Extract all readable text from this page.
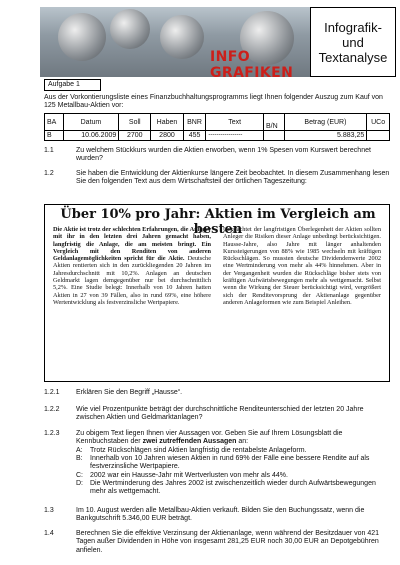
INFO GRAFIKEN
Infografik-
und
Textanalyse
Aufgabe 1
Aus der Vorkontierungsliste eines Finanzbuchhaltungsprogramms liegt Ihnen folgender Auszug zum Kauf von 125 Metallbau-Aktien vor:
BA	Datum	Soll	Haben	BNR	Text		Betrag (EUR)	UCo
						B/N		
B	10.06.2009	2700	2800	455	-----------------		5.883,25	
1.1	Zu welchem Stückkurs wurden die Aktien erworben, wenn 1% Spesen vom Kurswert berechnet wurden?
1.2	Sie haben die Entwicklung der Aktienkurse längere Zeit beobachtet. In diesem Zusammenhang lesen Sie den folgenden Text aus dem Wirtschaftsteil der örtlichen Tageszeitung:
Über 10% pro Jahr: Aktien im Vergleich am besten
Die Aktie ist trotz der schlechten Erfahrungen, die Anleger mit ihr in den letzten drei Jahren gemacht haben, langfristig die Anlage, die am meisten bringt. Ein Vergleich mit den Renditen von anderen Geldanlagemöglichkeiten spricht für die Aktie. Deutsche Aktien rentierten sich in den zurückliegenden 20 Jahren im Jahresdurchschnitt mit 10,2%. Anlagen an deutschen Geldmarkt lagen demgegenüber nur bei durchschnittlich 5,2%. Eine Studie belegt: Innerhalb von 10 Jahren hatten Aktien in 27 von 39 Fällen, also in rund 69%, eine höhere Wertentwicklung als festverzinsliche Wertpapiere.
Ungeachtet der langfristigen Überlegenheit der Aktien sollten Anleger die Risiken dieser Anlage unbedingt berücksichtigen. Hausse-Jahre, also Jahre mit länger anhaltenden Kurssteigerungen von 88% wie 1985 wechseln mit kräftigen Rückschlägen. So mussten deutsche Dividendenwerte 2002 eine Wertminderung von mehr als 44% hinnehmen. Aber in der Vergangenheit wurden die Rückschläge bisher stets von kräftigen Aufwärtsbewegungen mehr als wettgemacht. Selbst wenn die Wirkung der Steuer berücksichtigt wird, vergrößert sich der Renditevorsprung der Aktienanlage gegenüber anderen Anlageformen wie zum Beispiel Anleihen.
1.2.1 Erklären Sie den Begriff „Hausse“.
1.2.2 Wie viel Prozentpunkte beträgt der durchschnittliche Renditeunterschied der letzten 20 Jahre zwischen Aktien und Geldmarktanlagen?
1.2.3 Zu obigem Text liegen Ihnen vier Aussagen vor. Geben Sie auf Ihrem Lösungsblatt die Kennbuchstaben der zwei zutreffenden Aussagen an:
A:	Trotz Rückschlägen sind Aktien langfristig die rentabelste Anlageform.
B:	Innerhalb von 10 Jahren wiesen Aktien in rund 69% der Fälle eine bessere Rendite auf als festverzinsliche Wertpapiere.
C:	2002 war ein Hausse-Jahr mit Wertverlusten von mehr als 44%.
D:	Die Wertminderung des Jahres 2002 ist zwischenzeitlich wieder durch Aufwärtsbewegungen mehr als wettgemacht.
1.3	Im 10. August werden alle Metallbau-Aktien verkauft. Bilden Sie den Buchungssatz, wenn die Bankgutschrift 5.346,00 EUR beträgt.
1.4	Berechnen Sie die effektive Verzinsung der Aktienanlage, wenn während der Besitzdauer von 421 Tagen außer Dividenden in Höhe von insgesamt 281,25 EUR noch 30,00 EUR an Depotgebühren anfielen.
